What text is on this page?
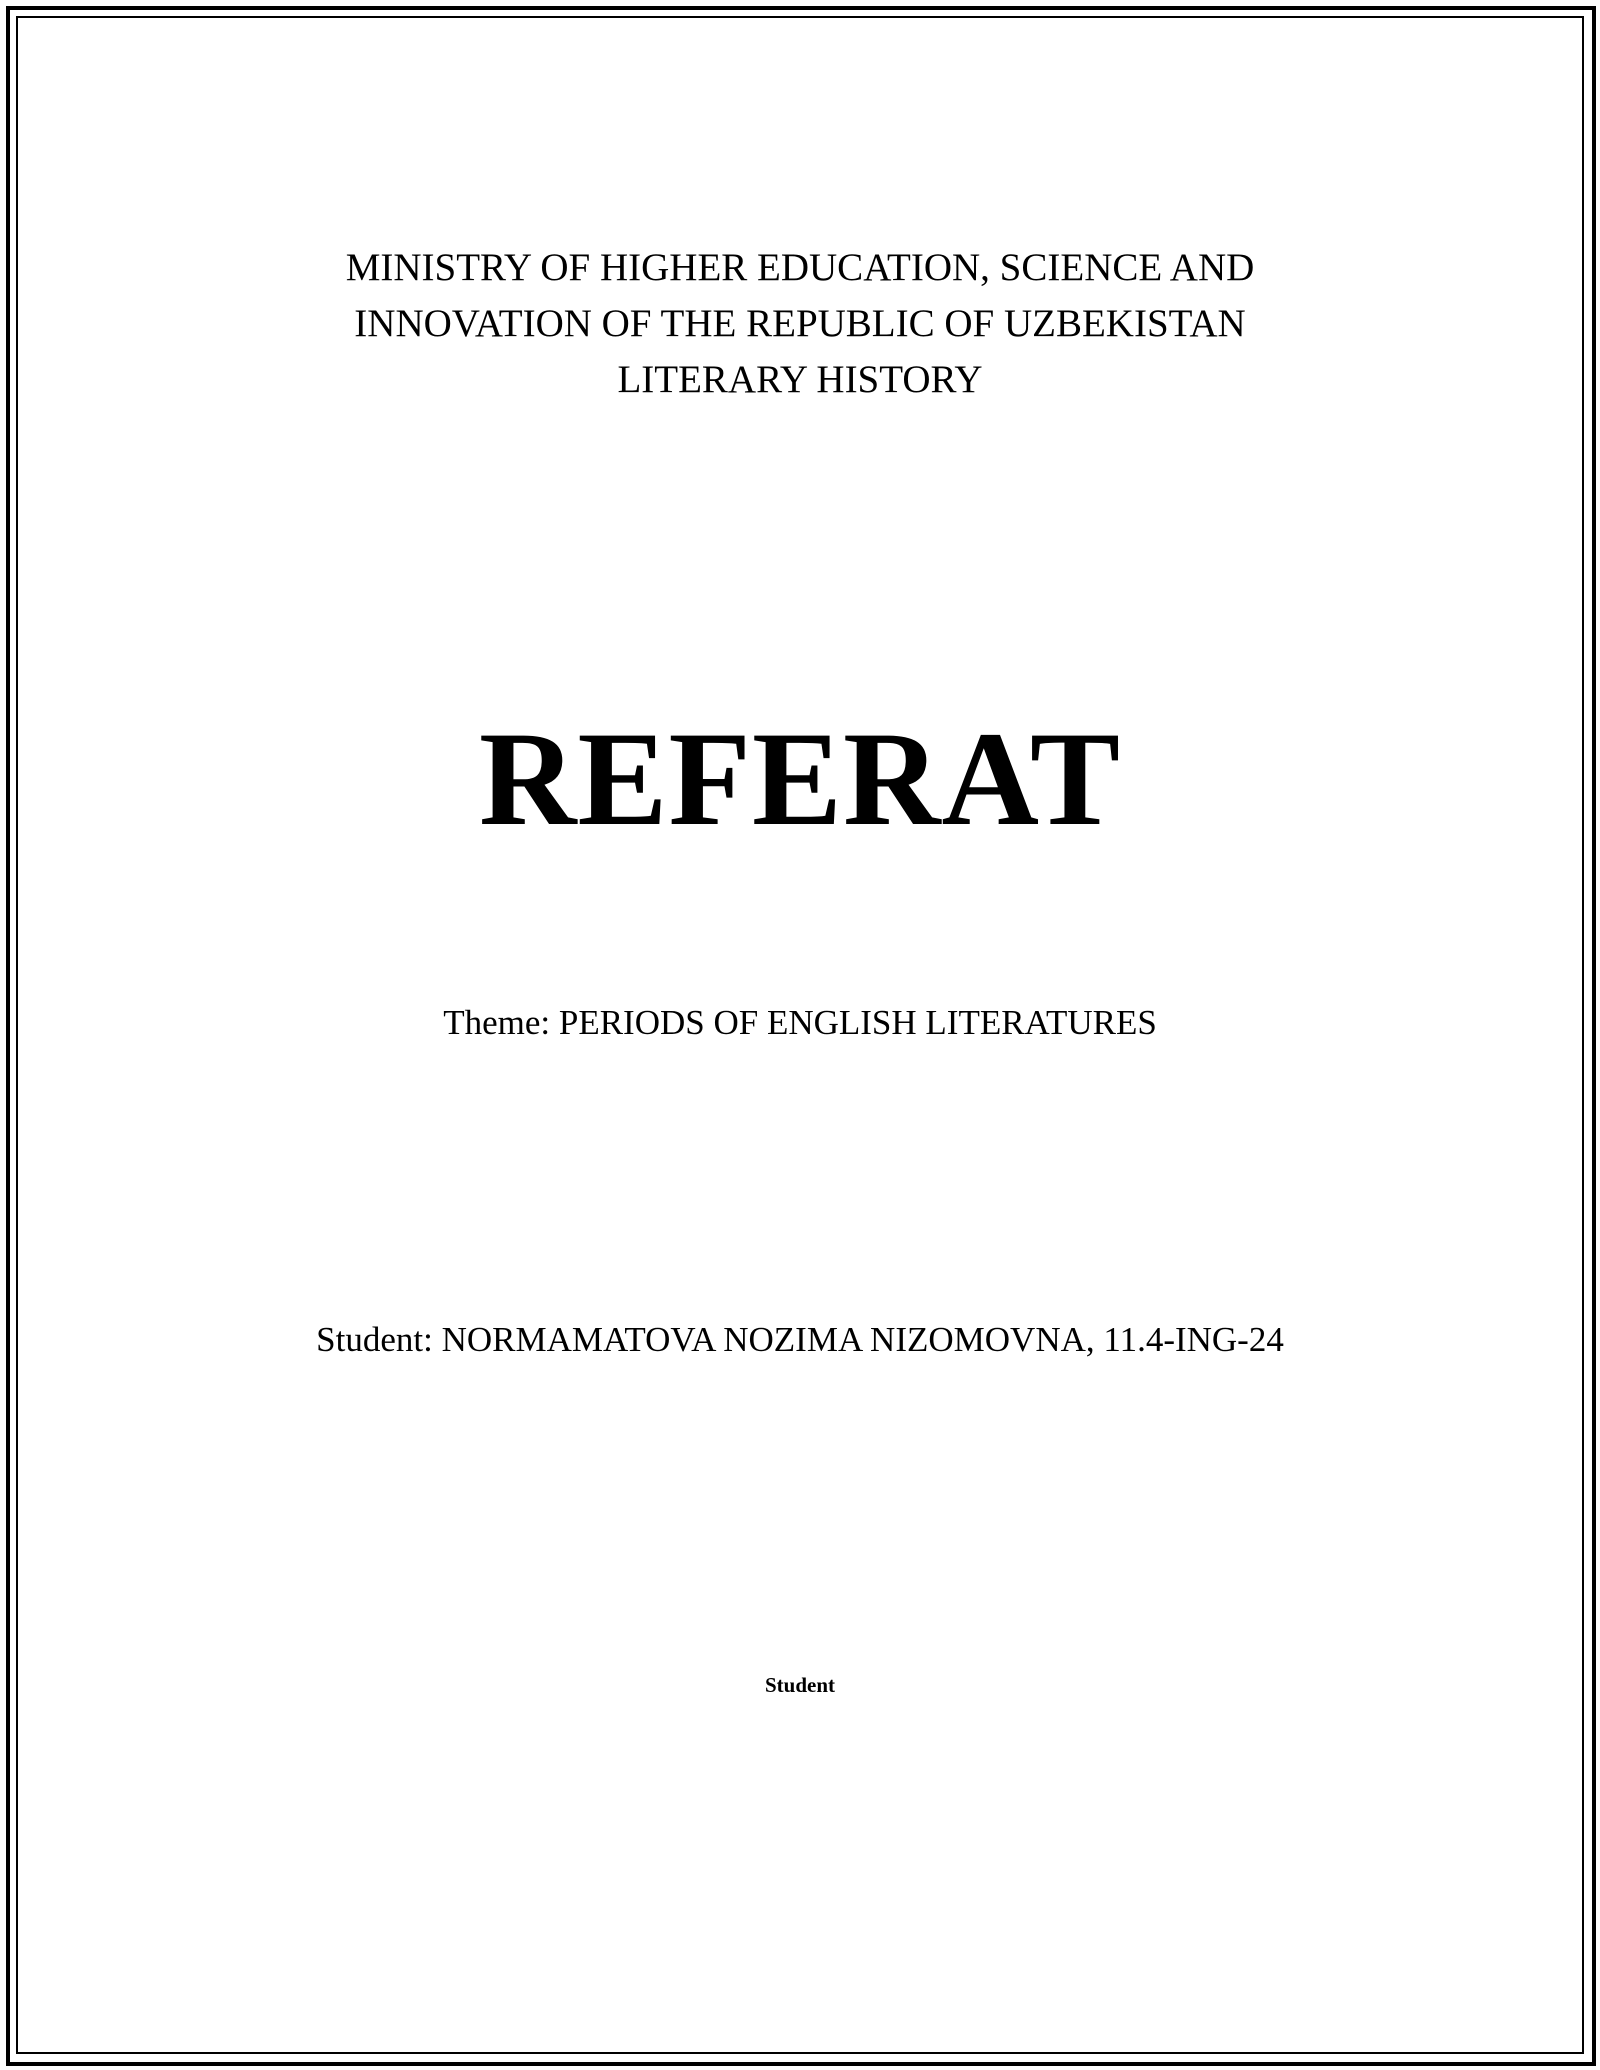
MINISTRY OF HIGHER EDUCATION, SCIENCE AND
INNOVATION OF THE REPUBLIC OF UZBEKISTAN
LITERARY HISTORY
REFERAT
Theme: PERIODS OF ENGLISH LITERATURES
Student: NORMAMATOVA NOZIMA NIZOMOVNA, 11.4-ING-24
Student
